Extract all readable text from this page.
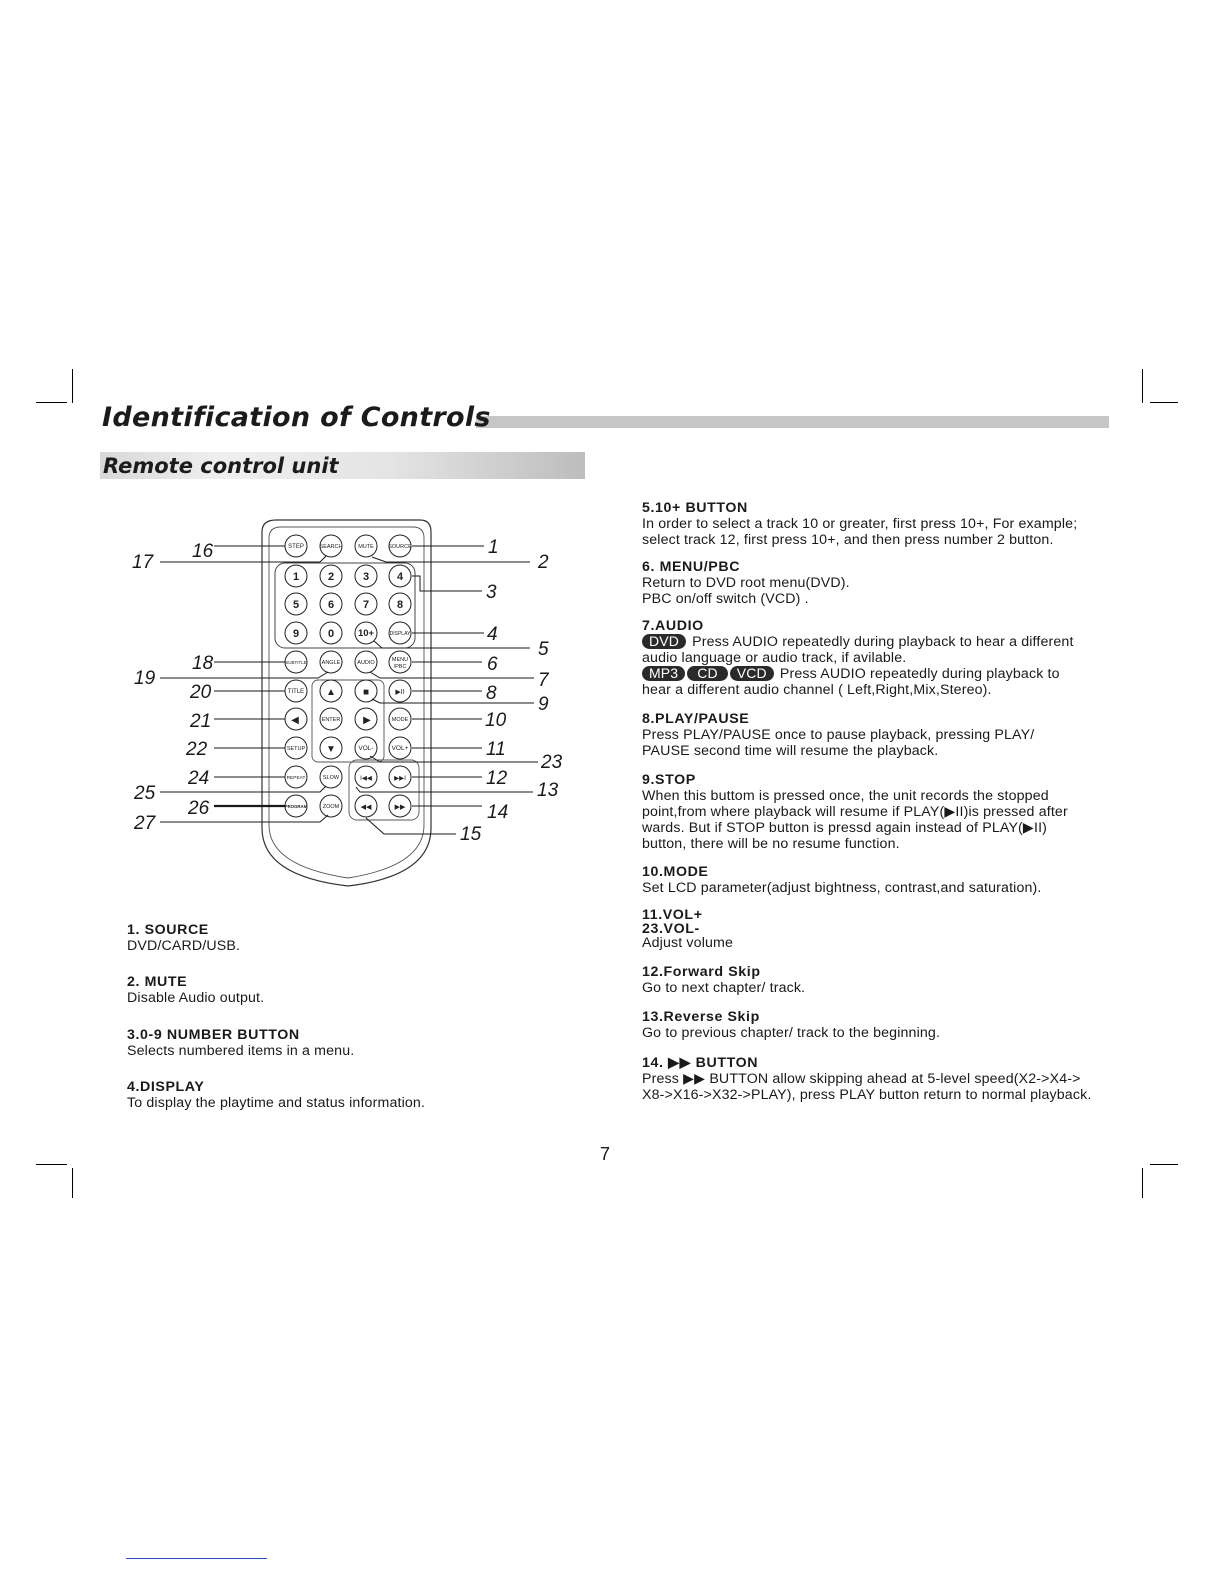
Identification of Controls
Remote control unit
STEP	SEARCH	MUTE	SOURCE
1	2	3	4
5	6	7	8
9	0	10+	DISPLAY
SUBTITLE	ANGLE	AUDIO	MENU
/PBC
TITLE ▲	■	▶II
◀	ENTER ▶	MODE
SETUP ▼	VOL-	VOL+
REPEAT	SLOW	I◀◀	▶▶I
PROGRAM	ZOOM	◀◀	▶▶
1
2
3
4
5
6
7
8
9
10
11
12
13
14
15
16
17
18
19
20
21
22
23
24
25
26
27
1. SOURCE
DVD/CARD/USB.
2. MUTE
Disable Audio output.
3.0-9 NUMBER BUTTON
Selects numbered items in a menu.
4.DISPLAY
To display the playtime and status information.
5.10+ BUTTON
In order to select a track 10 or greater, first press 10+, For example;
select track 12, first press 10+, and then press number 2 button.
6. MENU/PBC
Return to DVD root menu(DVD).
PBC on/off switch (VCD) .
7.AUDIO
DVD Press AUDIO repeatedly during playback to hear a different
audio language or audio track, if avilable.
MP3 CD VCD Press AUDIO repeatedly during playback to
hear a different audio channel ( Left,Right,Mix,Stereo).
8.PLAY/PAUSE
Press PLAY/PAUSE once to pause playback, pressing PLAY/
PAUSE second time will resume the playback.
9.STOP
When this buttom is pressed once, the unit records the stopped
point,from where playback will resume if PLAY(▶II)is pressed after
wards. But if STOP button is pressd again instead of PLAY(▶II)
button, there will be no resume function.
10.MODE
Set LCD parameter(adjust bightness, contrast,and saturation).
11.VOL+
23.VOL-
Adjust volume
12.Forward Skip
Go to next chapter/ track.
13.Reverse Skip
Go to previous chapter/ track to the beginning.
14. ▶▶ BUTTON
Press ▶▶ BUTTON allow skipping ahead at 5-level speed(X2->X4->
X8->X16->X32->PLAY), press PLAY button return to normal playback.
7
